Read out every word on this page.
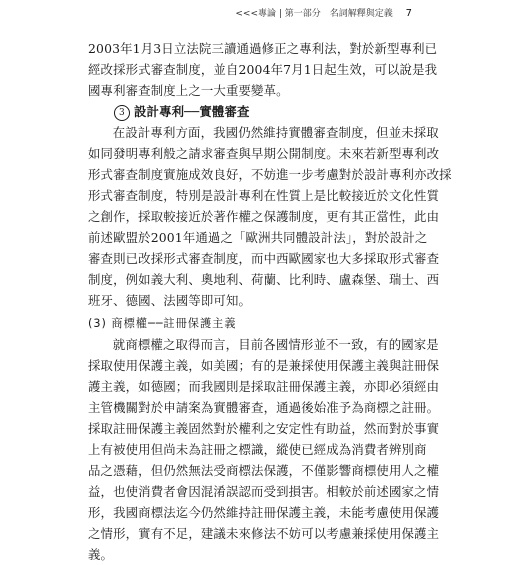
<<<專論 | 第一部分　名詞解釋與定義 7

2003年1月3日立法院三讀通過修正之專利法，對於新型專利已
經改採形式審查制度，並自2004年7月1日起生效，可以說是我
國專利審查制度上之一大重要變革。

3 設計專利──實體審查

在設計專利方面，我國仍然維持實體審查制度，但並未採取
如同發明專利般之請求審查與早期公開制度。未來若新型專利改
形式審查制度實施成效良好，不妨進一步考慮對於設計專利亦改採
形式審查制度，特別是設計專利在性質上是比較接近於文化性質
之創作，採取較接近於著作權之保護制度，更有其正當性，此由
前述歐盟於2001年通過之「歐洲共同體設計法」，對於設計之
審查則已改採形式審查制度，而中西歐國家也大多採取形式審查
制度，例如義大利、奧地利、荷蘭、比利時、盧森堡、瑞士、西
班牙、德國、法國等即可知。

(3) 商標權──註冊保護主義

就商標權之取得而言，目前各國情形並不一致，有的國家是
採取使用保護主義，如美國；有的是兼採使用保護主義與註冊保
護主義，如德國；而我國則是採取註冊保護主義，亦即必須經由
主管機關對於申請案為實體審查，通過後始准予為商標之註冊。
採取註冊保護主義固然對於權利之安定性有助益，然而對於事實
上有被使用但尚未為註冊之標識，縱使已經成為消費者辨別商
品之憑藉，但仍然無法受商標法保護，不僅影響商標使用人之權
益，也使消費者會因混淆誤認而受到損害。相較於前述國家之情
形，我國商標法迄今仍然維持註冊保護主義，未能考慮使用保護
之情形，實有不足，建議未來修法不妨可以考慮兼採使用保護主
義。
